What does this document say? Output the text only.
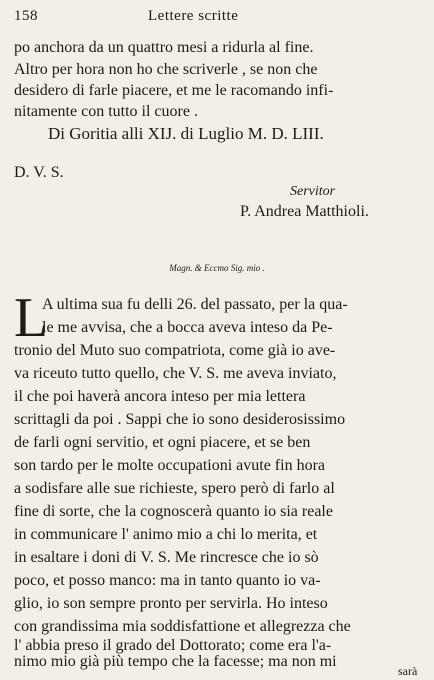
158	Lettere scritte
po anchora da un quattro mesi a ridurla al fine.
Altro per hora non ho che scriverle , se non che
desidero di farle piacere, et me le racomando infi-
nitamente con tutto il cuore .
Di Goritia alli XIJ. di Luglio M. D. LIII.
D. V. S.
Servitor
P. Andrea Matthioli.
Magn. & Eccmo Sig. mio .
L
A ultima sua fu delli 26. del passato, per la qua-
le me avvisa, che a bocca aveva inteso da Pe-
tronio del Muto suo compatriota, come già io ave-
va riceuto tutto quello, che V. S. me aveva inviato,
il che poi haverà ancora inteso per mia lettera
scrittagli da poi . Sappi che io sono desiderosissimo
de farli ogni servitio, et ogni piacere, et se ben
son tardo per le molte occupationi avute fin hora
a sodisfare alle sue richieste, spero però di farlo al
fine di sorte, che la cognoscerà quanto io sia reale
in communicare l' animo mio a chi lo merita, et
in esaltare i doni di V. S. Me rincresce che io sò
poco, et posso manco: ma in tanto quanto io va-
glio, io son sempre pronto per servirla. Ho inteso
con grandissima mia soddisfattione et allegrezza che
l' abbia preso il grado del Dottorato; come era l'a-
nimo mio già più tempo che la facesse; ma non mi
sarà
